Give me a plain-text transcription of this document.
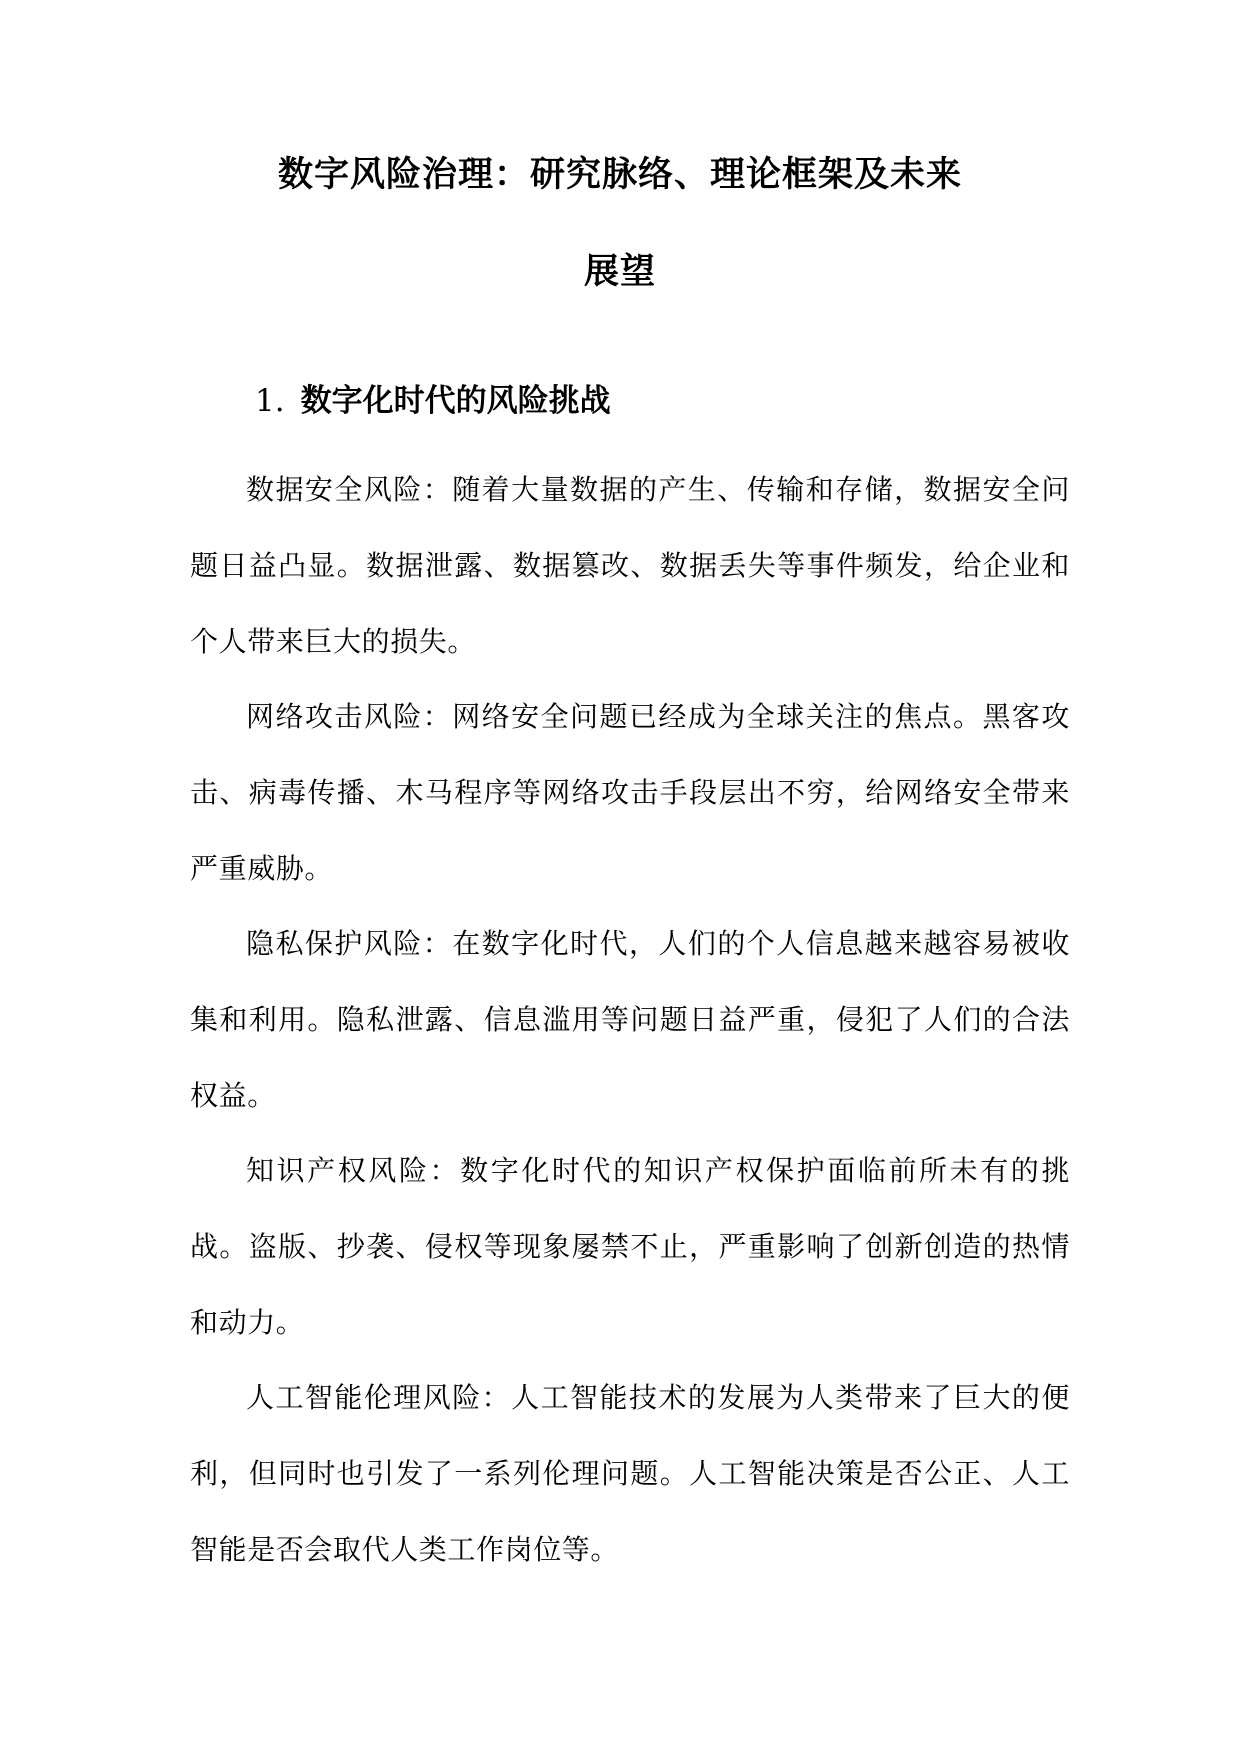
数字风险治理：研究脉络、理论框架及未来
展望
1. 数字化时代的风险挑战

数据安全风险：随着大量数据的产生、传输和存储，数据安全问题日益凸显。数据泄露、数据篡改、数据丢失等事件频发，给企业和个人带来巨大的损失。

网络攻击风险：网络安全问题已经成为全球关注的焦点。黑客攻击、病毒传播、木马程序等网络攻击手段层出不穷，给网络安全带来严重威胁。

隐私保护风险：在数字化时代，人们的个人信息越来越容易被收集和利用。隐私泄露、信息滥用等问题日益严重，侵犯了人们的合法权益。

知识产权风险：数字化时代的知识产权保护面临前所未有的挑战。盗版、抄袭、侵权等现象屡禁不止，严重影响了创新创造的热情和动力。

人工智能伦理风险：人工智能技术的发展为人类带来了巨大的便利，但同时也引发了一系列伦理问题。人工智能决策是否公正、人工智能是否会取代人类工作岗位等。
